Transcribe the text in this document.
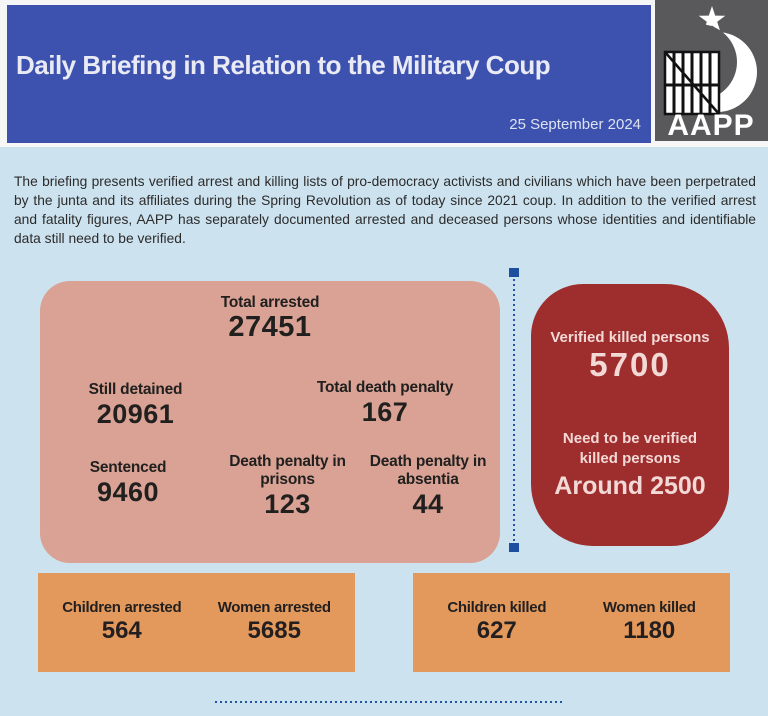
Daily Briefing in Relation to the Military Coup
25 September 2024 AAPP
The briefing presents verified arrest and killing lists of pro-democracy activists and civilians which have been perpetrated by the junta and its affiliates during the Spring Revolution as of today since 2021 coup. In addition to the verified arrest and fatality figures, AAPP has separately documented arrested and deceased persons whose identities and identifiable data still need to be verified.
Total arrested
27451
Still detained
20961
Total death penalty
167
Sentenced
9460
Death penalty in prisons
123
Death penalty in absentia
44
Verified killed persons
5700
Need to be verified killed persons
Around 2500
Children arrested
564
Women arrested
5685
Children killed
627
Women killed
1180
